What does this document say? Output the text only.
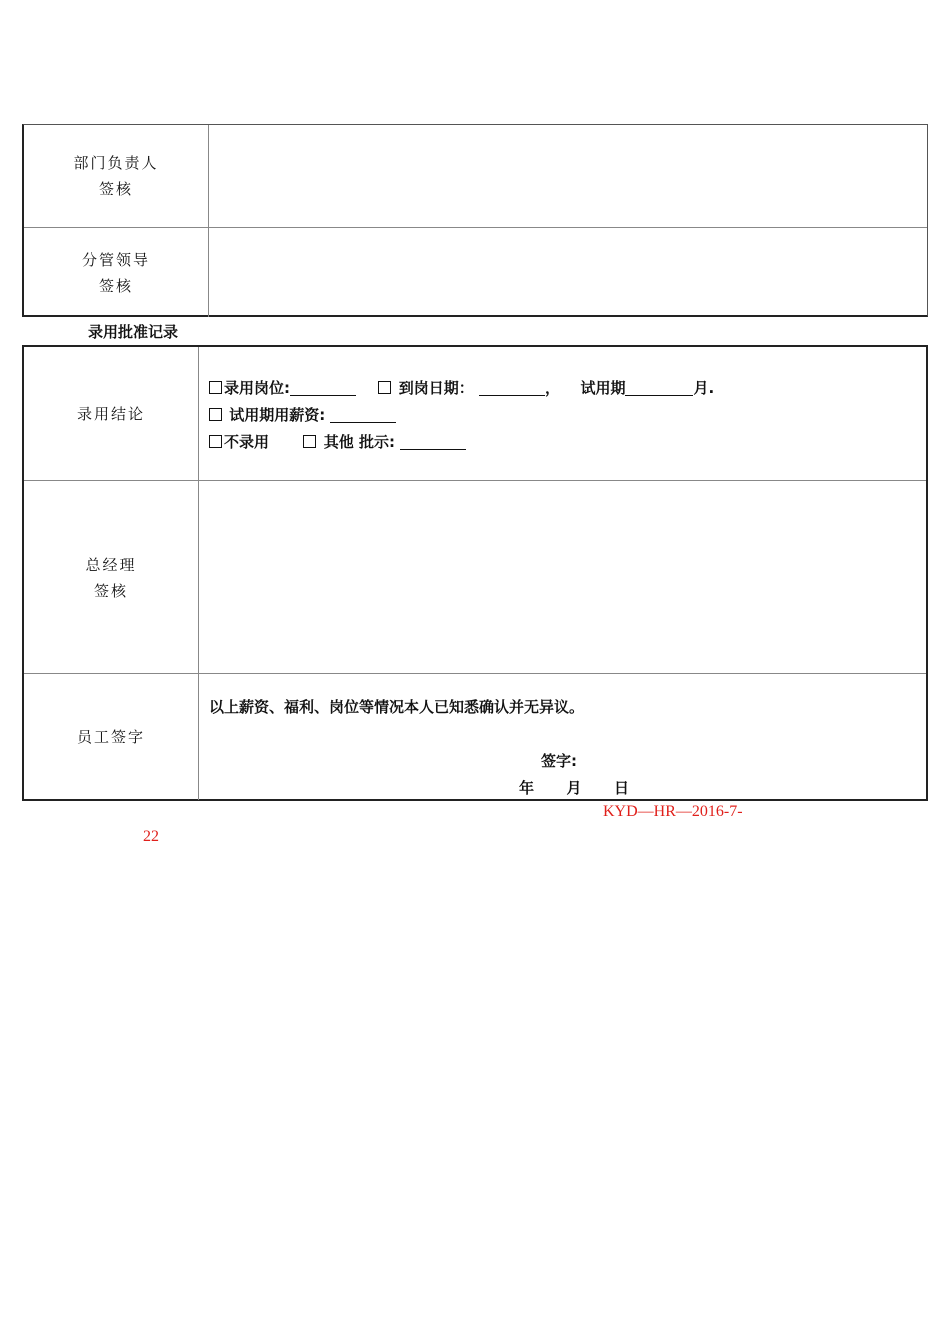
部门负责人
签核
分管领导
签核
录用批准记录
录用结论
录用岗位:	到岗日期：	， 试用期	月.
试用期用薪资:
不录用	其他 批示:
总经理
签核
员工签字
以上薪资、福利、岗位等情况本人已知悉确认并无异议。
签字:
年 月 日
KYD—HR—2016-7-
22
